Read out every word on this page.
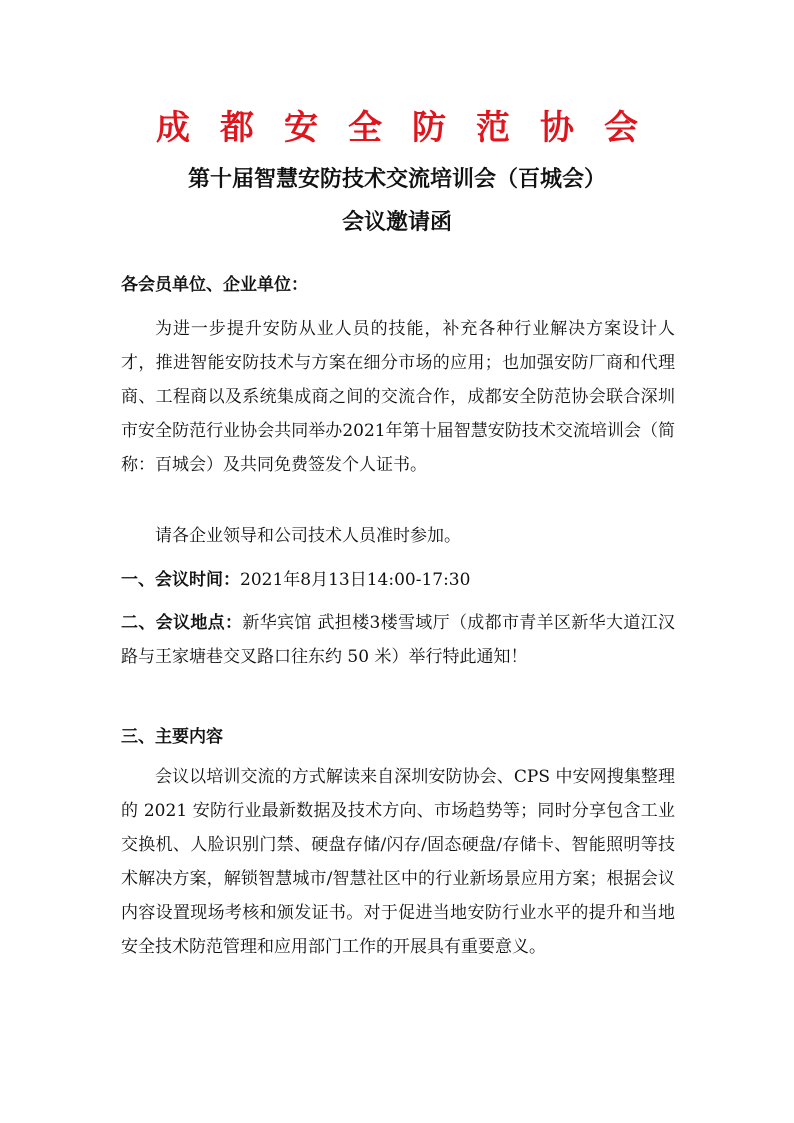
成都安全防范协会
第十届智慧安防技术交流培训会（百城会）
会议邀请函
各会员单位、企业单位：
为进一步提升安防从业人员的技能，补充各种行业解决方案设计人才，推进智能安防技术与方案在细分市场的应用；也加强安防厂商和代理商、工程商以及系统集成商之间的交流合作，成都安全防范协会联合深圳市安全防范行业协会共同举办2021年第十届智慧安防技术交流培训会（简称：百城会）及共同免费签发个人证书。
请各企业领导和公司技术人员准时参加。
一、会议时间：2021年8月13日14:00-17:30
二、会议地点：新华宾馆 武担楼3楼雪域厅（成都市青羊区新华大道江汉路与王家塘巷交叉路口往东约 50 米）举行特此通知！
三、主要内容
会议以培训交流的方式解读来自深圳安防协会、CPS 中安网搜集整理的 2021 安防行业最新数据及技术方向、市场趋势等；同时分享包含工业交换机、人脸识别门禁、硬盘存储/闪存/固态硬盘/存储卡、智能照明等技术解决方案，解锁智慧城市/智慧社区中的行业新场景应用方案；根据会议内容设置现场考核和颁发证书。对于促进当地安防行业水平的提升和当地安全技术防范管理和应用部门工作的开展具有重要意义。
